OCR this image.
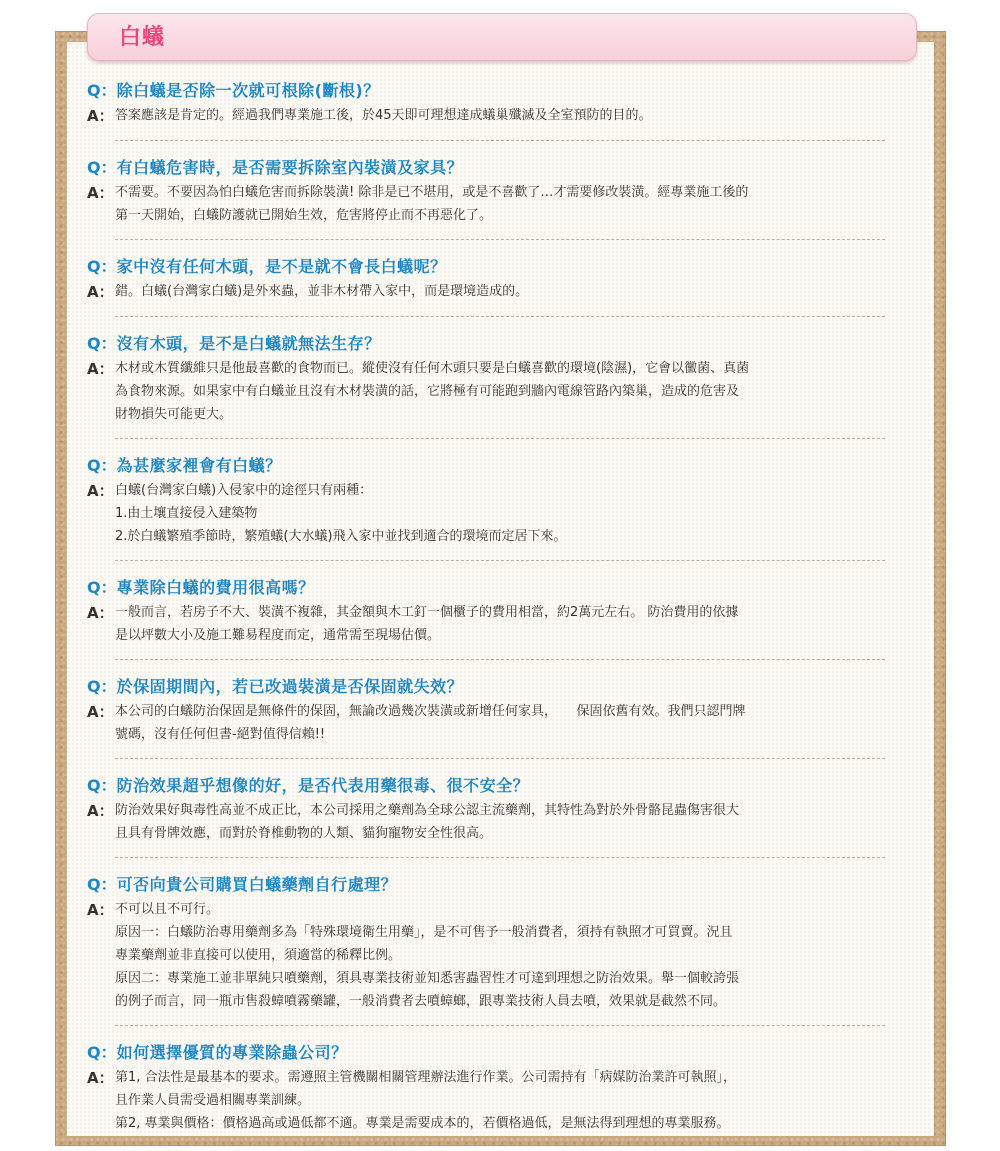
白蟻
Q： 除白蟻是否除一次就可根除(斷根)？
A： 答案應該是肯定的。經過我們專業施工後，於45天即可理想達成蟻巢殲滅及全室預防的目的。
Q： 有白蟻危害時，是否需要拆除室內裝潢及家具？
A： 不需要。不要因為怕白蟻危害而拆除裝潢! 除非是已不堪用，或是不喜歡了…才需要修改裝潢。經專業施工後的
第一天開始，白蟻防護就已開始生效，危害將停止而不再惡化了。
Q： 家中沒有任何木頭，是不是就不會長白蟻呢？
A： 錯。白蟻(台灣家白蟻)是外來蟲，並非木材帶入家中，而是環境造成的。
Q： 沒有木頭，是不是白蟻就無法生存？
A： 木材或木質纖維只是他最喜歡的食物而已。縱使沒有任何木頭只要是白蟻喜歡的環境(陰濕)，它會以黴菌、真菌
為食物來源。如果家中有白蟻並且沒有木材裝潢的話，它將極有可能跑到牆內電線管路內築巢，造成的危害及
財物損失可能更大。
Q： 為甚麼家裡會有白蟻？
A： 白蟻(台灣家白蟻)入侵家中的途徑只有兩種：
1.由土壤直接侵入建築物
2.於白蟻繁殖季節時，繁殖蟻(大水蟻)飛入家中並找到適合的環境而定居下來。
Q： 專業除白蟻的費用很高嗎？
A： 一般而言，若房子不大、裝潢不複雜，其金額與木工釘一個櫃子的費用相當，約2萬元左右。 防治費用的依據
是以坪數大小及施工難易程度而定，通常需至現場估價。
Q： 於保固期間內，若已改過裝潢是否保固就失效？
A： 本公司的白蟻防治保固是無條件的保固，無論改過幾次裝潢或新增任何家具，　　保固依舊有效。我們只認門牌
號碼，沒有任何但書-絕對值得信賴!!
Q： 防治效果超乎想像的好，是否代表用藥很毒、很不安全？
A： 防治效果好與毒性高並不成正比，本公司採用之藥劑為全球公認主流藥劑，其特性為對於外骨骼昆蟲傷害很大
且具有骨牌效應，而對於脊椎動物的人類、貓狗寵物安全性很高。
Q： 可否向貴公司購買白蟻藥劑自行處理？
A： 不可以且不可行。
原因一：白蟻防治專用藥劑多為「特殊環境衛生用藥」，是不可售予一般消費者，須持有執照才可買賣。況且
專業藥劑並非直接可以使用，須適當的稀釋比例。
原因二：專業施工並非單純只噴藥劑，須具專業技術並知悉害蟲習性才可達到理想之防治效果。舉一個較誇張
的例子而言，同一瓶市售殺蟑噴霧藥罐，一般消費者去噴蟑螂，跟專業技術人員去噴，效果就是截然不同。
Q： 如何選擇優質的專業除蟲公司？
A： 第1, 合法性是最基本的要求。需遵照主管機關相關管理辦法進行作業。公司需持有「病媒防治業許可執照」，
且作業人員需受過相關專業訓練。
第2, 專業與價格：價格過高或過低都不適。專業是需要成本的，若價格過低，是無法得到理想的專業服務。
